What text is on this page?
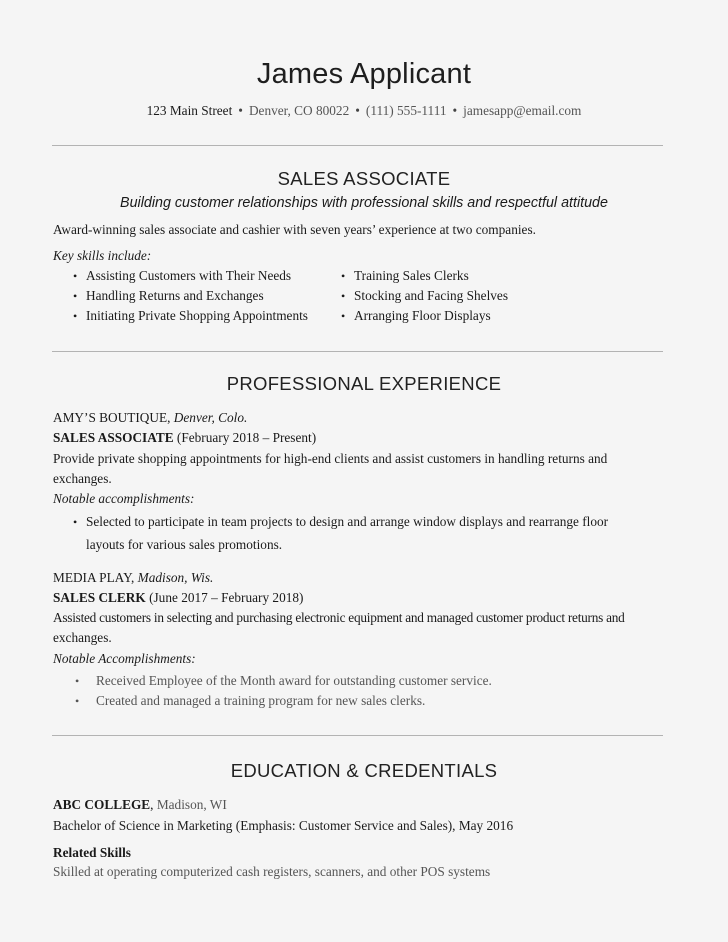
James Applicant
123 Main Street • Denver, CO 80022 • (111) 555-1111 • jamesapp@email.com
SALES ASSOCIATE
Building customer relationships with professional skills and respectful attitude
Award-winning sales associate and cashier with seven years’ experience at two companies.
Key skills include:
• Assisting Customers with Their Needs
• Handling Returns and Exchanges
• Initiating Private Shopping Appointments
• Training Sales Clerks
• Stocking and Facing Shelves
• Arranging Floor Displays
PROFESSIONAL EXPERIENCE
AMY’S BOUTIQUE, Denver, Colo.
SALES ASSOCIATE (February 2018 – Present)
Provide private shopping appointments for high-end clients and assist customers in handling returns and
exchanges.
Notable accomplishments:
• Selected to participate in team projects to design and arrange window displays and rearrange floor
layouts for various sales promotions.
MEDIA PLAY, Madison, Wis.
SALES CLERK (June 2017 – February 2018)
Assisted customers in selecting and purchasing electronic equipment and managed customer product returns and
exchanges.
Notable Accomplishments:
• Received Employee of the Month award for outstanding customer service.
• Created and managed a training program for new sales clerks.
EDUCATION & CREDENTIALS
ABC COLLEGE, Madison, WI
Bachelor of Science in Marketing (Emphasis: Customer Service and Sales), May 2016
Related Skills
Skilled at operating computerized cash registers, scanners, and other POS systems
